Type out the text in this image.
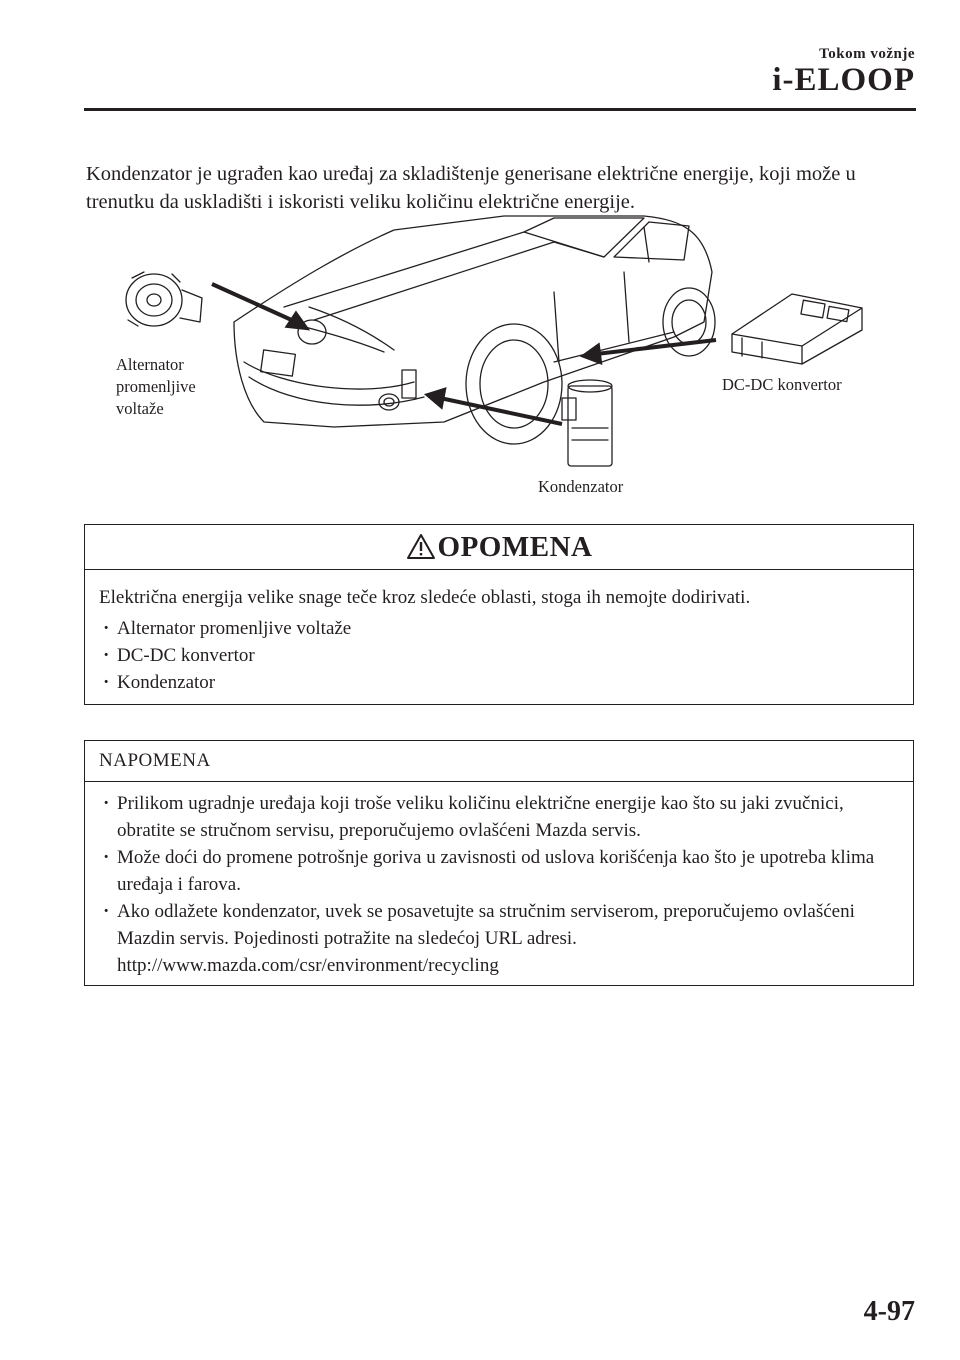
Tokom vožnje
i-ELOOP
Kondenzator je ugrađen kao uređaj za skladištenje generisane električne energije, koji može u trenutku da uskladišti i iskoristi veliku količinu električne energije.
Alternator
promenljive
voltaže
DC-DC konvertor
Kondenzator
OPOMENA
Električna energija velike snage teče kroz sledeće oblasti, stoga ih nemojte dodirivati.
· Alternator promenljive voltaže
· DC-DC konvertor
· Kondenzator
NAPOMENA
· Prilikom ugradnje uređaja koji troše veliku količinu električne energije kao što su jaki zvučnici, obratite se stručnom servisu, preporučujemo ovlašćeni Mazda servis.
· Može doći do promene potrošnje goriva u zavisnosti od uslova korišćenja kao što je upotreba klima uređaja i farova.
· Ako odlažete kondenzator, uvek se posavetujte sa stručnim serviserom, preporučujemo ovlašćeni Mazdin servis. Pojedinosti potražite na sledećoj URL adresi. http://www.mazda.com/csr/environment/recycling
4-97
